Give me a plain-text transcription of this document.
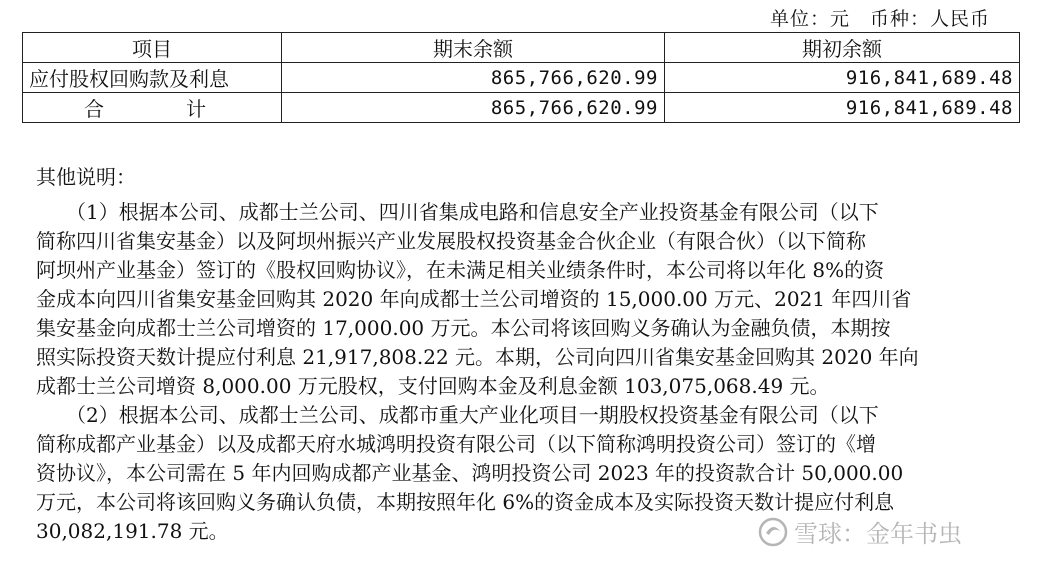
单位：元　币种：人民币
项目	期末余额	期初余额
应付股权回购款及利息	865,766,620.99	916,841,689.48
合　　计	865,766,620.99	916,841,689.48

其他说明：

（1）根据本公司、成都士兰公司、四川省集成电路和信息安全产业投资基金有限公司（以下
简称四川省集安基金）以及阿坝州振兴产业发展股权投资基金合伙企业（有限合伙）（以下简称
阿坝州产业基金）签订的《股权回购协议》，在未满足相关业绩条件时，本公司将以年化 8%的资
金成本向四川省集安基金回购其 2020 年向成都士兰公司增资的 15,000.00 万元、2021 年四川省
集安基金向成都士兰公司增资的 17,000.00 万元。本公司将该回购义务确认为金融负债，本期按
照实际投资天数计提应付利息 21,917,808.22 元。本期，公司向四川省集安基金回购其 2020 年向
成都士兰公司增资 8,000.00 万元股权，支付回购本金及利息金额 103,075,068.49 元。

（2）根据本公司、成都士兰公司、成都市重大产业化项目一期股权投资基金有限公司（以下
简称成都产业基金）以及成都天府水城鸿明投资有限公司（以下简称鸿明投资公司）签订的《增
资协议》，本公司需在 5 年内回购成都产业基金、鸿明投资公司 2023 年的投资款合计 50,000.00
万元，本公司将该回购义务确认负债，本期按照年化 6%的资金成本及实际投资天数计提应付利息
30,082,191.78 元。	雪球：金年书虫
